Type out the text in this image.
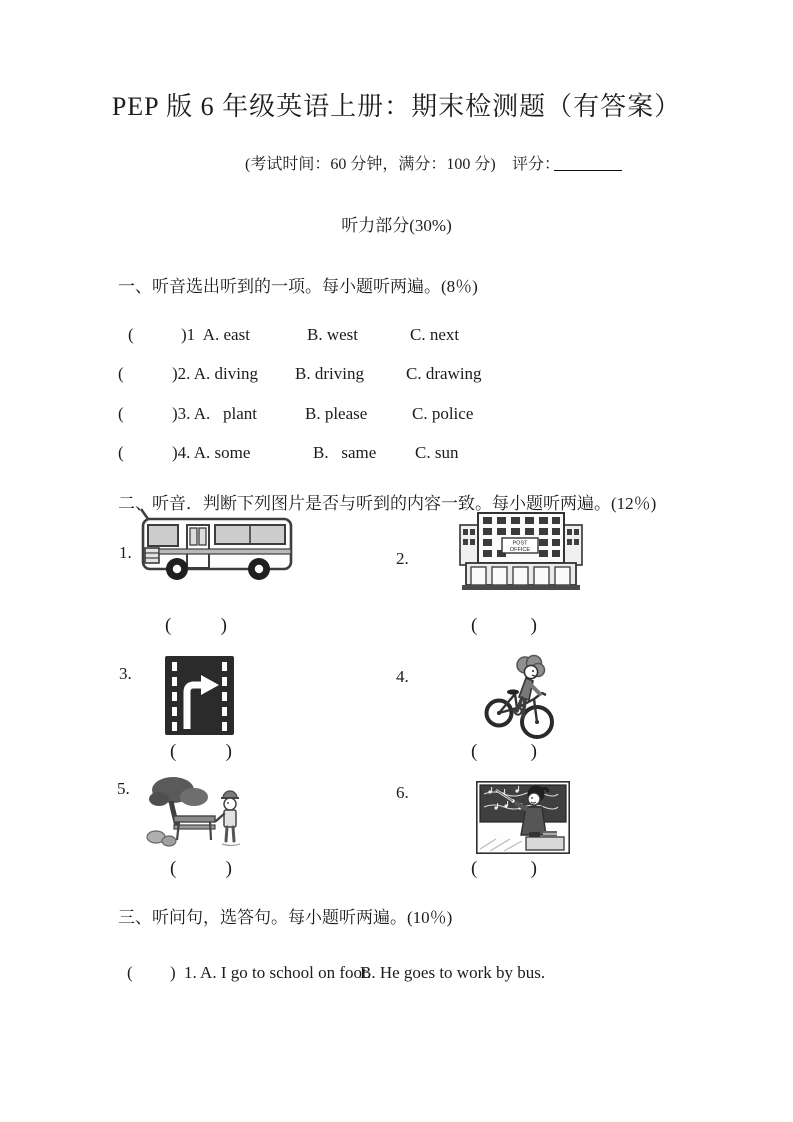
PEP 版 6 年级英语上册：期末检测题（有答案）
(考试时间：60 分钟，满分：100 分) 评分：
听力部分(30%)
一、听音选出听到的一项。每小题听两遍。(8％)
(	)1  A. east	B. west	C. next
(	)2. A. diving B. driving C. drawing
(	)3. A.   plant	B. please	C. police
(	)4. A. some	B.   same C. sun
二、听音．判断下列图片是否与听到的内容一致。每小题听两遍。(12％)
1.	2.
POST
OFFICE
(	)	(	)
3.	4.
(	)	(	)
5.	6.
(	)	(	)
三、听问句，选答句。每小题听两遍。(10％)
( ) 1. A. I go to school on foot.
B. He goes to work by bus.
